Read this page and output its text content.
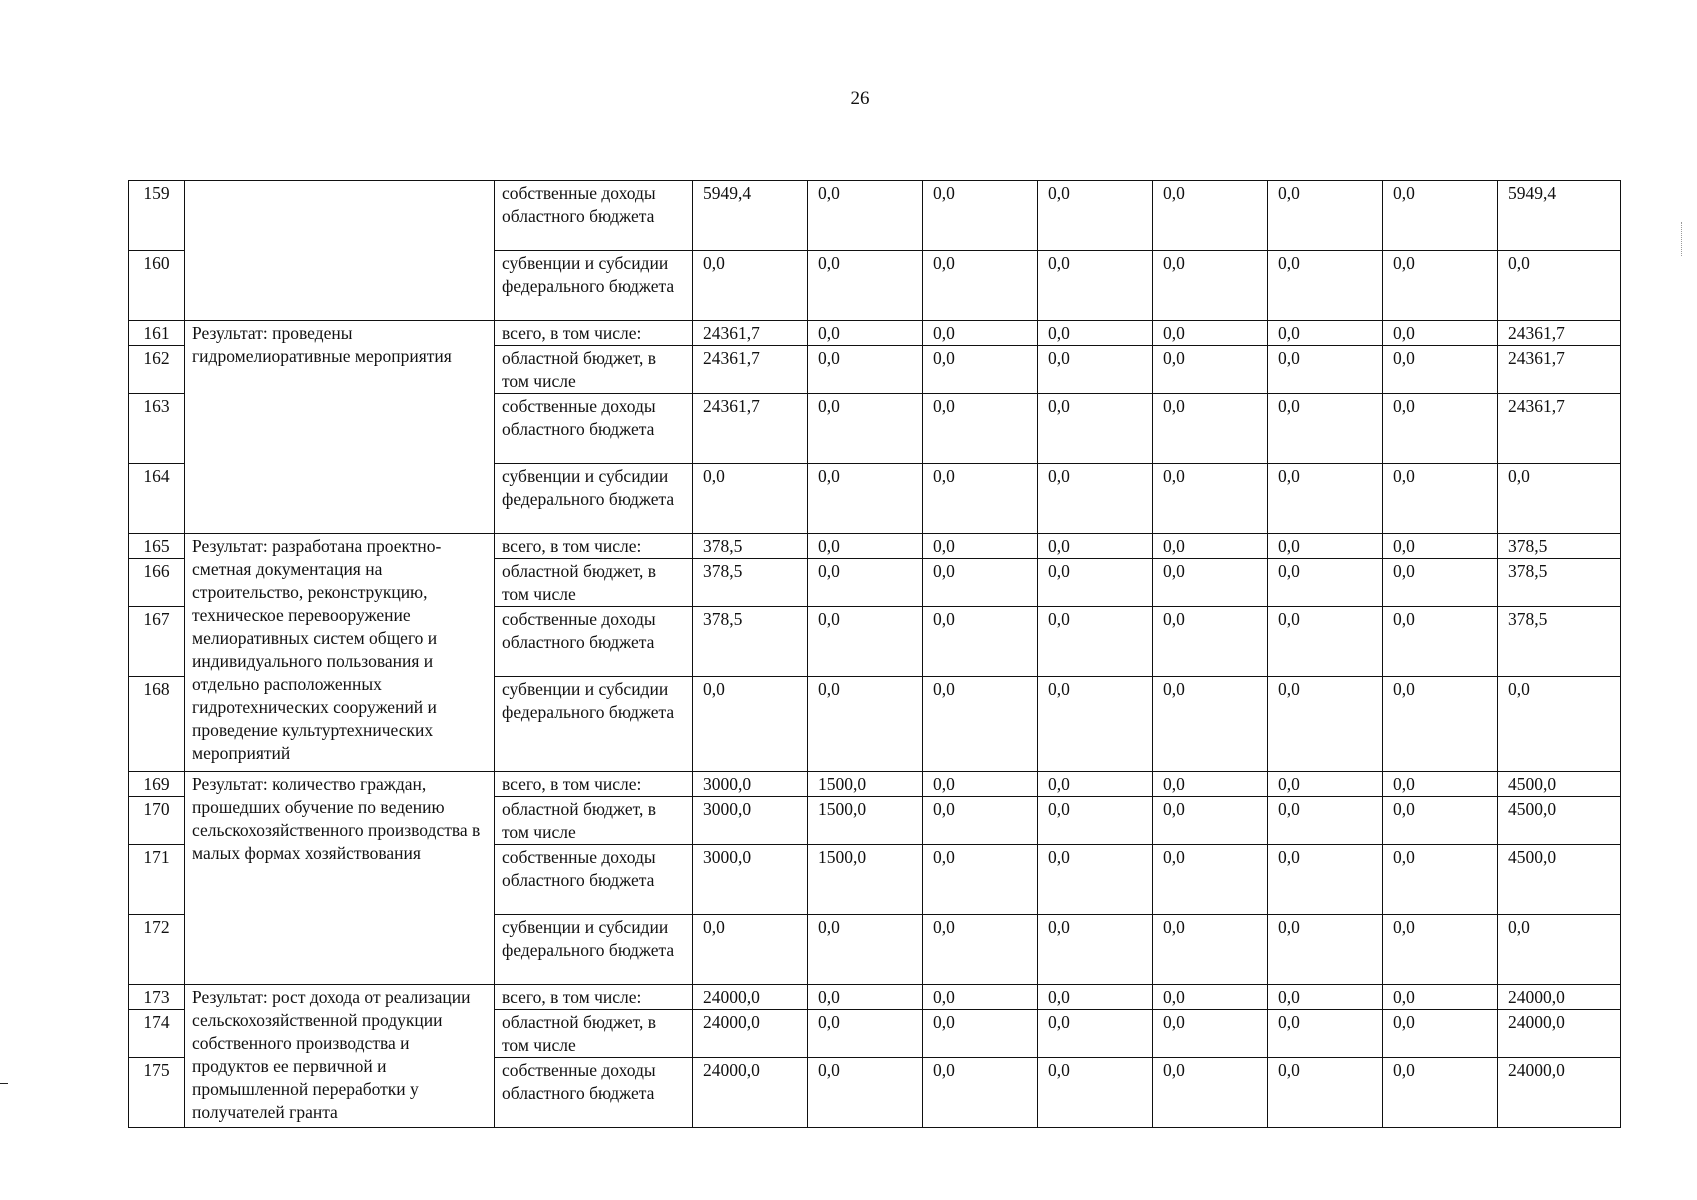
26
159		собственные доходы областного бюджета	5949,4	0,0	0,0	0,0	0,0	0,0	0,0	5949,4
160		субвенции и субсидии федерального бюджета	0,0	0,0	0,0	0,0	0,0	0,0	0,0	0,0
161	Результат: проведены гидромелиоративные мероприятия	всего, в том числе:	24361,7	0,0	0,0	0,0	0,0	0,0	0,0	24361,7
162		областной бюджет, в том числе	24361,7	0,0	0,0	0,0	0,0	0,0	0,0	24361,7
163		собственные доходы областного бюджета	24361,7	0,0	0,0	0,0	0,0	0,0	0,0	24361,7
164		субвенции и субсидии федерального бюджета	0,0	0,0	0,0	0,0	0,0	0,0	0,0	0,0
165	Результат: разработана проектно-сметная документация на строительство, реконструкцию, техническое перевооружение мелиоративных систем общего и индивидуального пользования и отдельно расположенных гидротехнических сооружений и проведение культуртехнических мероприятий	всего, в том числе:	378,5	0,0	0,0	0,0	0,0	0,0	0,0	378,5
166		областной бюджет, в том числе	378,5	0,0	0,0	0,0	0,0	0,0	0,0	378,5
167		собственные доходы областного бюджета	378,5	0,0	0,0	0,0	0,0	0,0	0,0	378,5
168		субвенции и субсидии федерального бюджета	0,0	0,0	0,0	0,0	0,0	0,0	0,0	0,0
169	Результат: количество граждан, прошедших обучение по ведению сельскохозяйственного производства в малых формах хозяйствования	всего, в том числе:	3000,0	1500,0	0,0	0,0	0,0	0,0	0,0	4500,0
170		областной бюджет, в том числе	3000,0	1500,0	0,0	0,0	0,0	0,0	0,0	4500,0
171		собственные доходы областного бюджета	3000,0	1500,0	0,0	0,0	0,0	0,0	0,0	4500,0
172		субвенции и субсидии федерального бюджета	0,0	0,0	0,0	0,0	0,0	0,0	0,0	0,0
173	Результат: рост дохода от реализации сельскохозяйственной продукции собственного производства и продуктов ее первичной и промышленной переработки у получателей гранта	всего, в том числе:	24000,0	0,0	0,0	0,0	0,0	0,0	0,0	24000,0
174		областной бюджет, в том числе	24000,0	0,0	0,0	0,0	0,0	0,0	0,0	24000,0
175		собственные доходы областного бюджета	24000,0	0,0	0,0	0,0	0,0	0,0	0,0	24000,0
